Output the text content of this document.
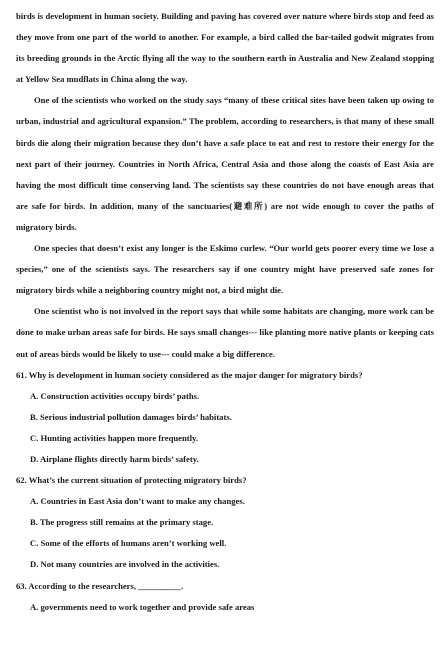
birds is development in human society. Building and paving has covered over nature where birds stop and feed as they move from one part of the world to another. For example, a bird called the bar-tailed godwit migrates from its breeding grounds in the Arctic flying all the way to the southern earth in Australia and New Zealand stopping at Yellow Sea mudflats in China along the way.

One of the scientists who worked on the study says “many of these critical sites have been taken up owing to urban, industrial and agricultural expansion.” The problem, according to researchers, is that many of these small birds die along their migration because they don’t have a safe place to eat and rest to restore their energy for the next part of their journey. Countries in North Africa, Central Asia and those along the coasts of East Asia are having the most difficult time conserving land. The scientists say these countries do not have enough areas that are safe for birds. In addition, many of the sanctuaries(避难所) are not wide enough to cover the paths of migratory birds.

One species that doesn’t exist any longer is the Eskimo curlew. “Our world gets poorer every time we lose a species,” one of the scientists says. The researchers say if one country might have preserved safe zones for migratory birds while a neighboring country might not, a bird might die.

One scientist who is not involved in the report says that while some habitats are changing, more work can be done to make urban areas safe for birds. He says small changes--- like planting more native plants or keeping cats out of areas birds would be likely to use--- could make a big difference.

61. Why is development in human society considered as the major danger for migratory birds?

A. Construction activities occupy birds’ paths.

B. Serious industrial pollution damages birds’ habitats.

C. Hunting activities happen more frequently.

D. Airplane flights directly harm birds’ safety.

62. What’s the current situation of protecting migratory birds?

A. Countries in East Asia don’t want to make any changes.

B. The progress still remains at the primary stage.

C. Some of the efforts of humans aren’t working well.

D. Not many countries are involved in the activities.

63. According to the researchers, __________.

A. governments need to work together and provide safe areas
